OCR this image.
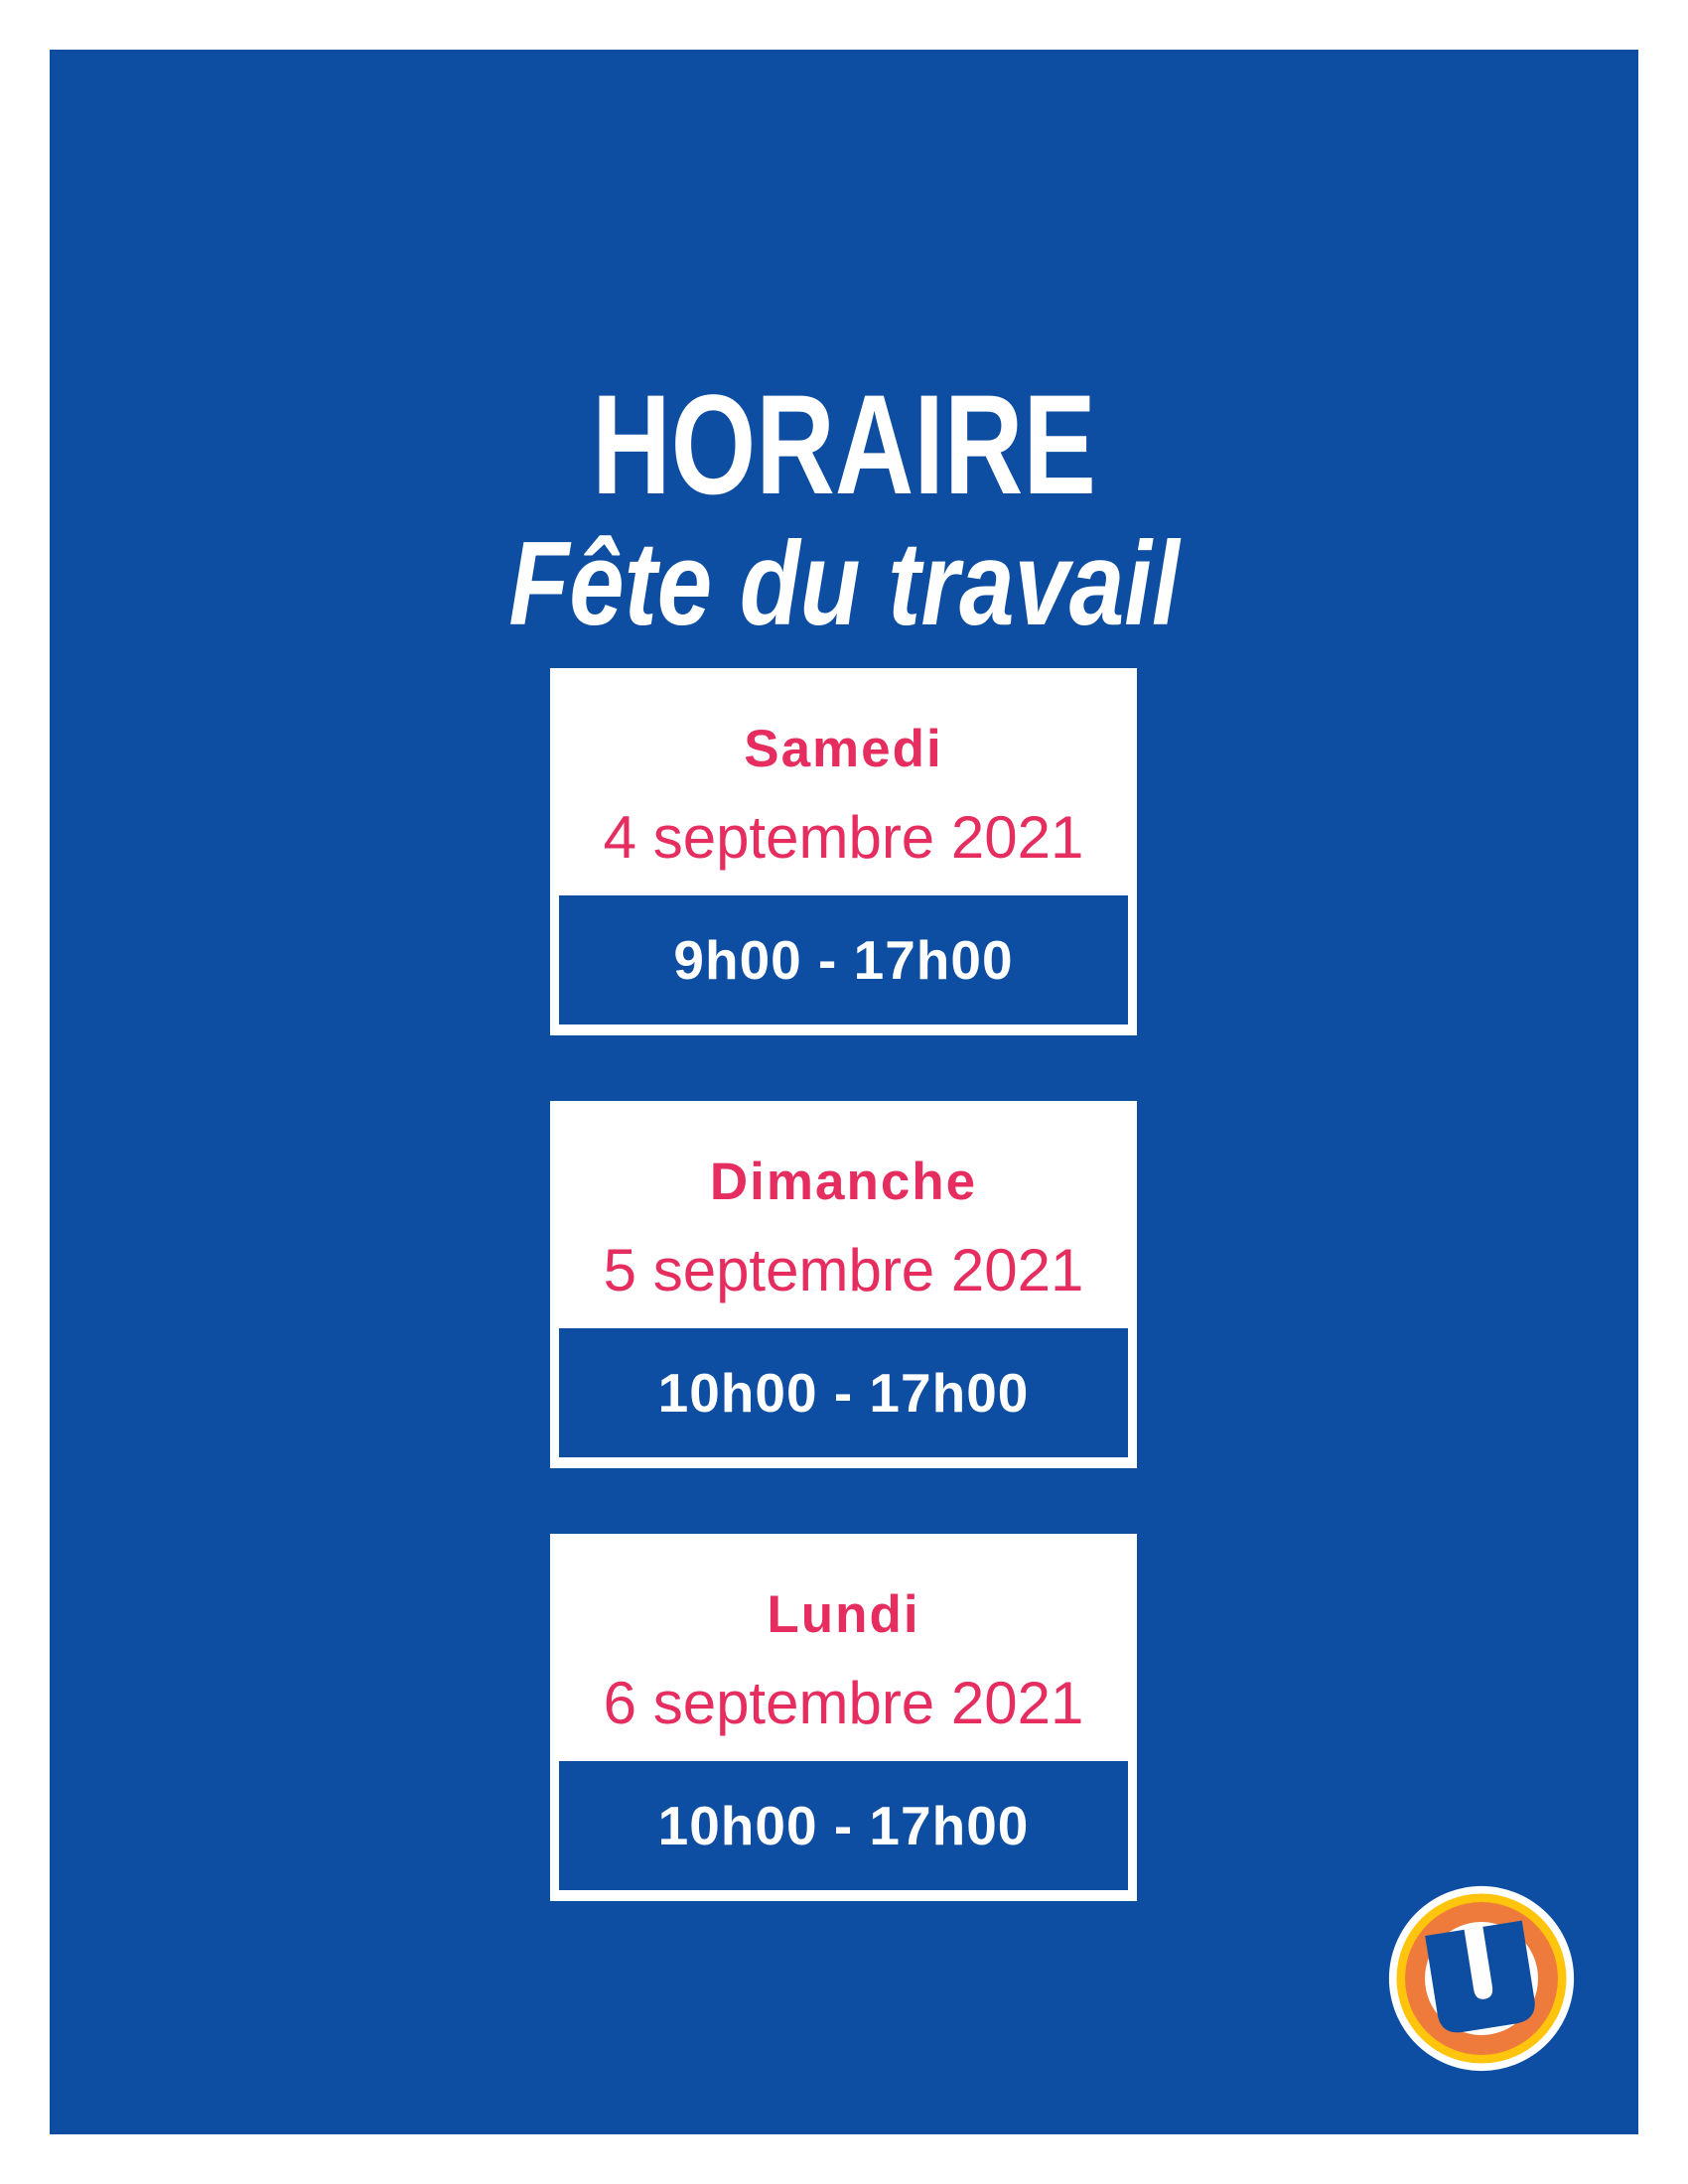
HORAIRE
Fête du travail
Samedi
4 septembre 2021
9h00 - 17h00
Dimanche
5 septembre 2021
10h00 - 17h00
Lundi
6 septembre 2021
10h00 - 17h00
